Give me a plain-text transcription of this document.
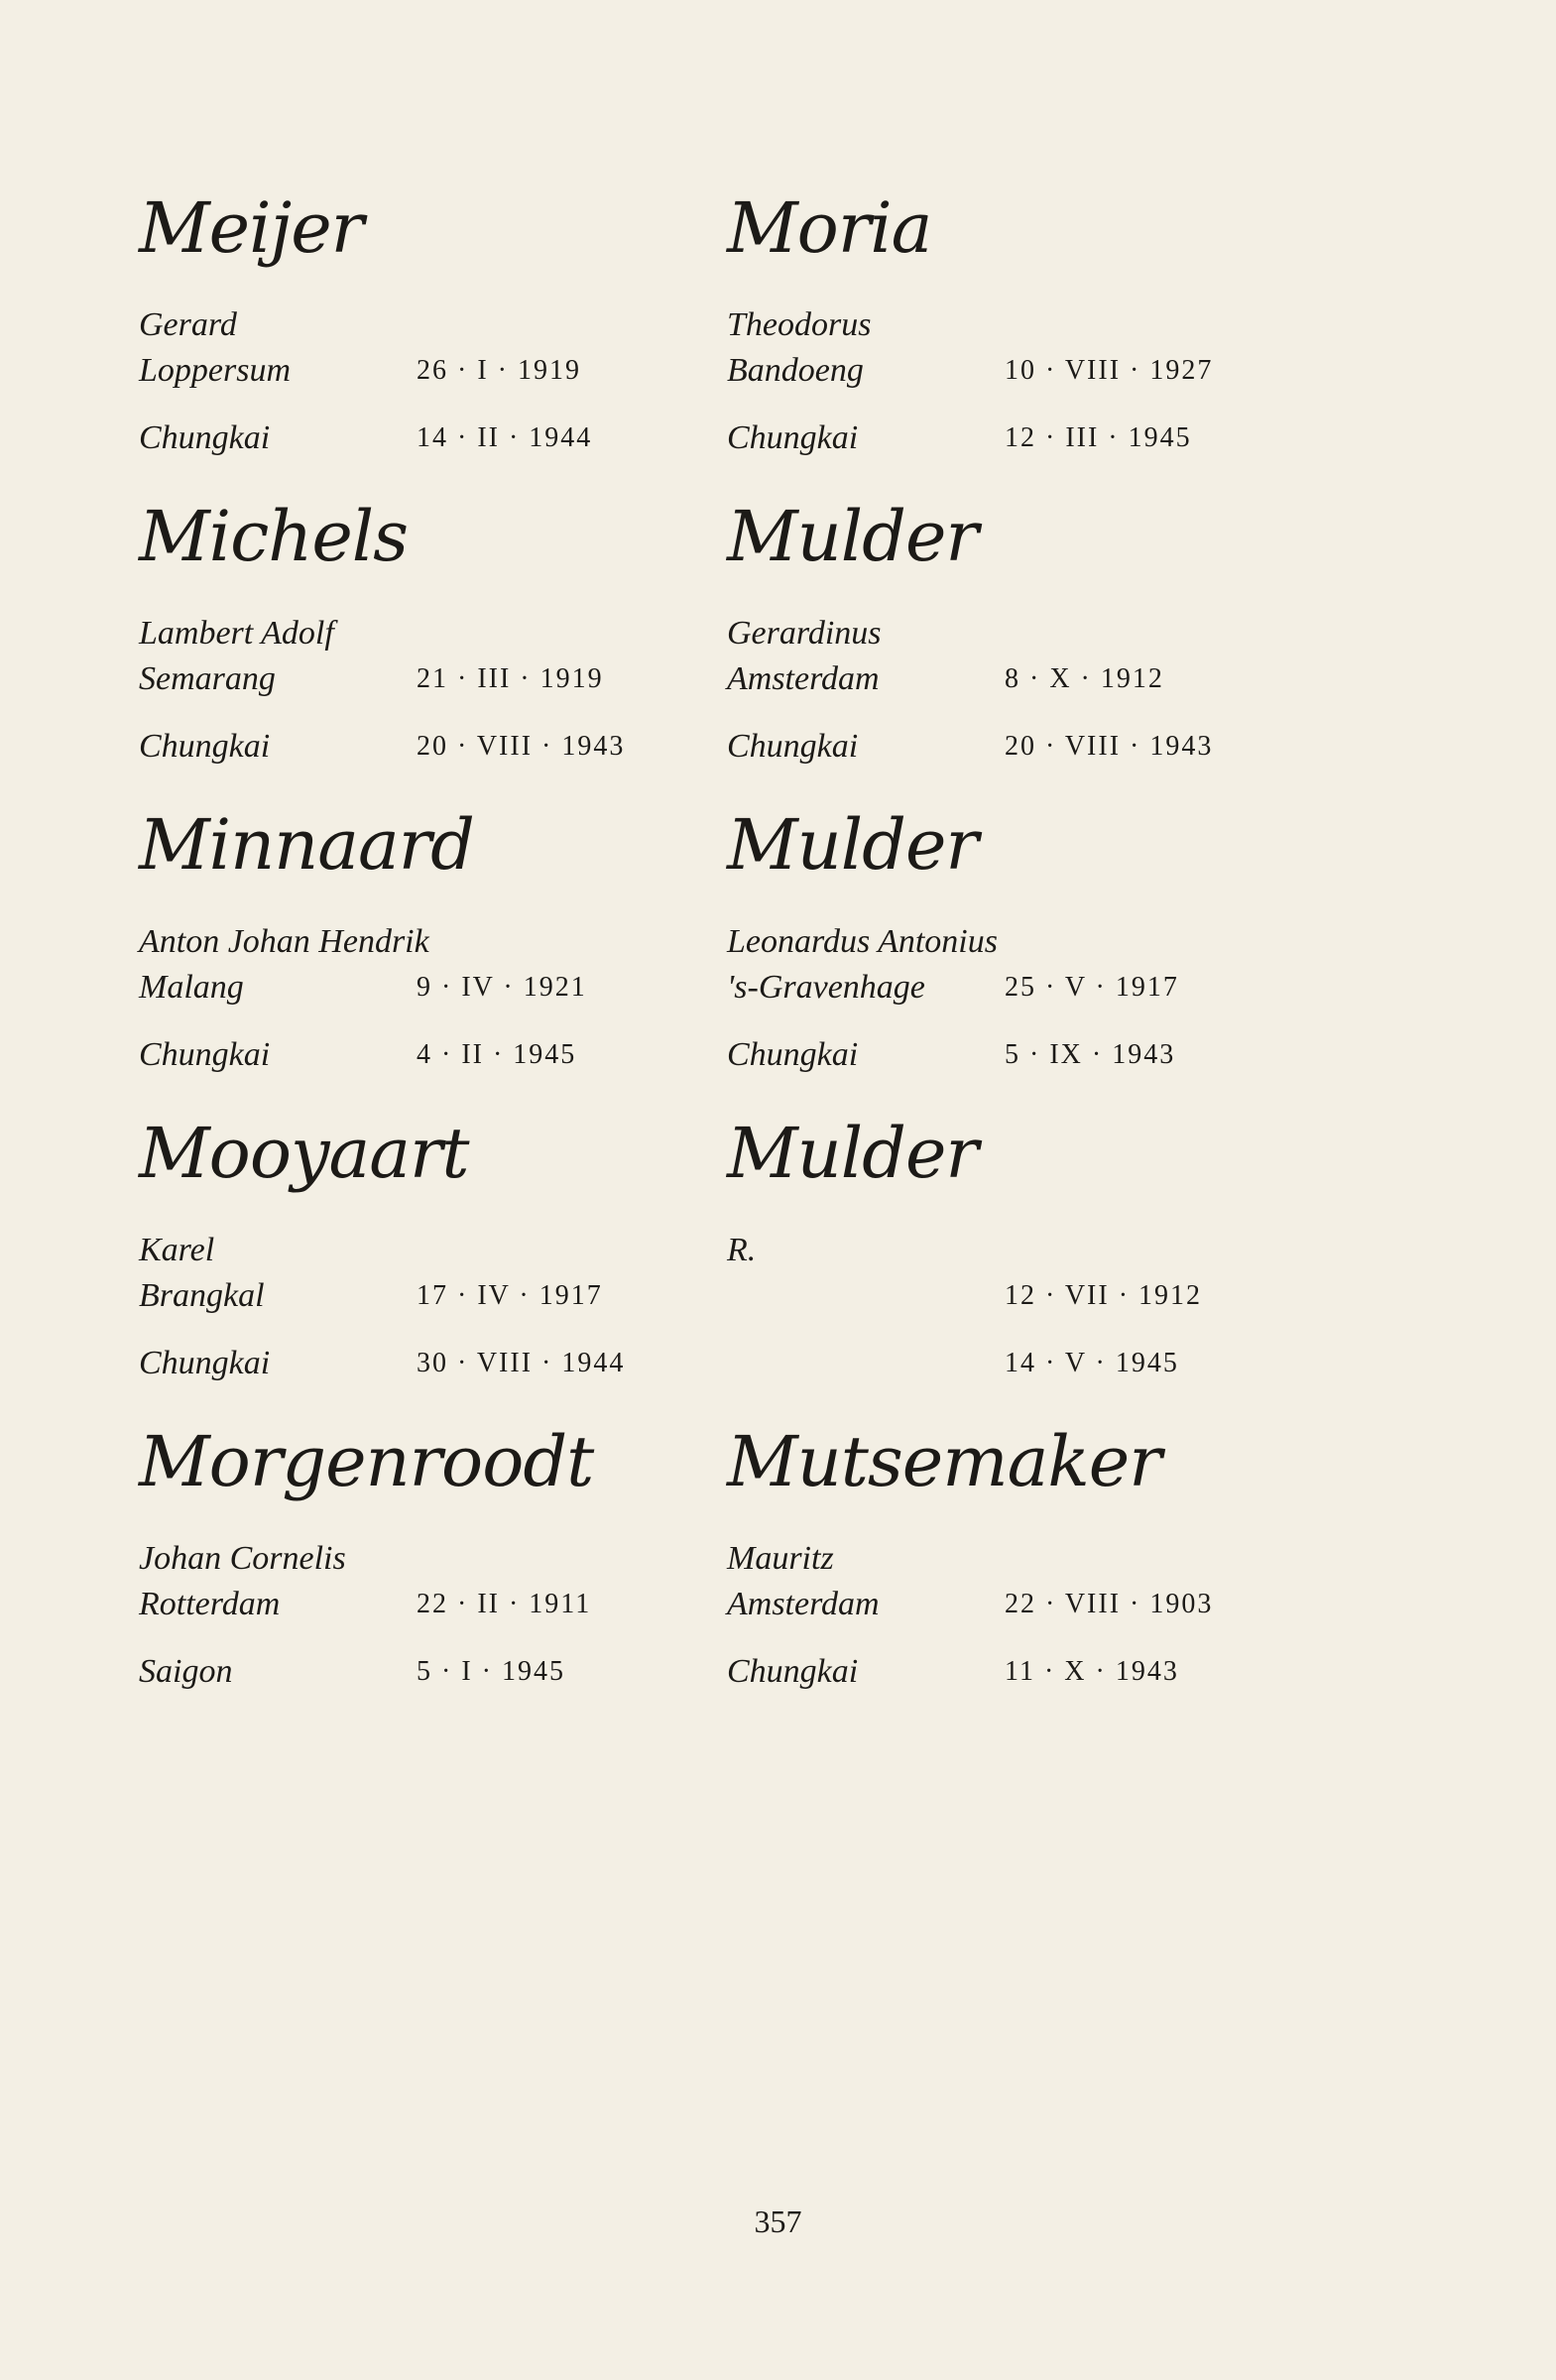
Meijer
Gerard
Loppersum	26 · I · 1919
Chungkai	14 · II · 1944
Michels
Lambert Adolf
Semarang	21 · III · 1919
Chungkai	20 · VIII · 1943
Minnaard
Anton Johan Hendrik
Malang	9 · IV · 1921
Chungkai	4 · II · 1945
Mooyaart
Karel
Brangkal	17 · IV · 1917
Chungkai	30 · VIII · 1944
Morgenroodt
Johan Cornelis
Rotterdam	22 · II · 1911
Saigon	5 · I · 1945
Moria
Theodorus
Bandoeng	10 · VIII · 1927
Chungkai	12 · III · 1945
Mulder
Gerardinus
Amsterdam	8 · X · 1912
Chungkai	20 · VIII · 1943
Mulder
Leonardus Antonius
's-Gravenhage	25 · V · 1917
Chungkai	5 · IX · 1943
Mulder
R.
12 · VII · 1912
14 · V · 1945
Mutsemaker
Mauritz
Amsterdam	22 · VIII · 1903
Chungkai	11 · X · 1943
357
